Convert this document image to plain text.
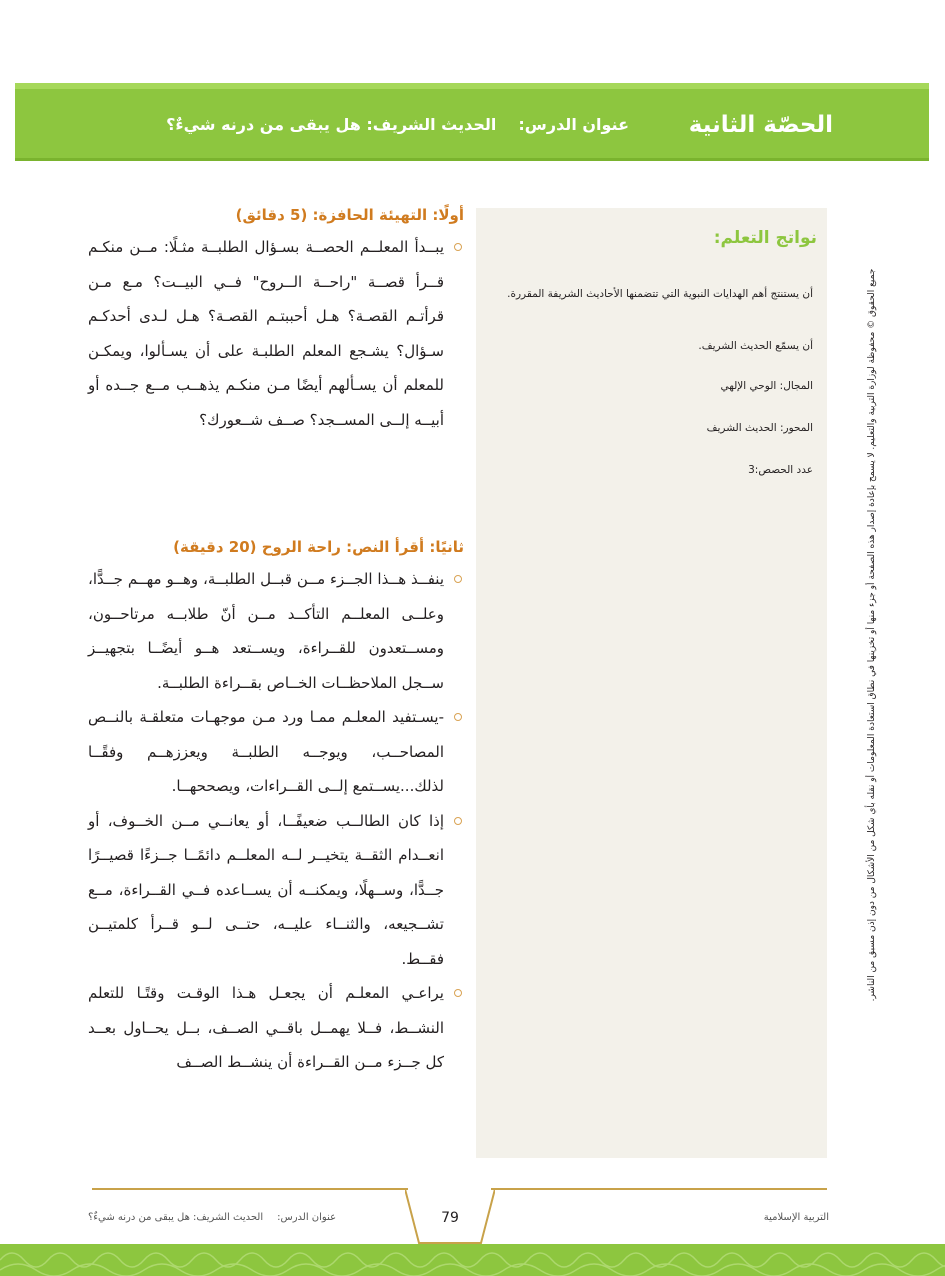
الحصّة الثانية
عنوان الدرس:الحديث الشريف: هل يبقى من درنه شيءٌ؟
نواتج التعلم:

أن يستنتج أهم الهدايات النبوية التي تتضمنها الأحاديث الشريفة المقررة.

أن يسمّع الحديث الشريف.

المجال: الوحي الإلهي

المحور: الحديث الشريف

عدد الحصص:3	جميع الحقوق © محفوظة لوزارة التربية والتعليم. لا يسمح بإعادة إصدار هذه الصفحة أو جزء منها أو تخزينها في نطاق استعادة المعلومات أو نقله بأي شكل من الأشكال من دون إذن مسبق من الناشر.
أولًا: التهيئة الحافزة: (5 دقائق)

يبــدأ المعلــم الحصــة بسـؤال الطلبــة مثـلًا: مــن منكـم قــرأ قصــة "راحــة الــروح" فــي البيــت؟ مـع مـن قرأتـم القصـة؟ هـل أحببتـم القصـة؟ هـل لـدى أحدكـم سـؤال؟ يشـجع المعلم الطلبـة على أن يسـألوا، ويمكـن للمعلم أن يسـألهم أيضًا مـن منكـم يذهــب مــع جــده أو أبيــه إلــى المســجد؟ صــف شــعورك؟

ثانيًا: أقرأ النص: راحة الروح (20 دقيقة)

ينفــذ هــذا الجــزء مــن قبــل الطلبــة، وهــو مهــم جــدًّا، وعلــى المعلــم التأكــد مــن أنّ طلابــه مرتاحــون، ومســتعدون للقــراءة، ويســتعد هــو أيضًــا بتجهيــز ســجل الملاحظــات الخــاص بقــراءة الطلبــة.

-يسـتفيد المعلـم ممـا ورد مـن موجهـات متعلقـة بالنــص المصاحــب، ويوجــه الطلبــة ويعززهــم وفقًــا لذلك...يســتمع إلــى القــراءات، ويصححهــا.

إذا كان الطالــب ضعيفًــا، أو يعانــي مــن الخــوف، أو انعــدام الثقــة يتخيــر لــه المعلــم دائمًــا جــزءًا قصيــرًا جــدًّا، وســهلًا، ويمكنــه أن يســاعده فــي القــراءة، مــع تشــجيعه، والثنــاء عليــه، حتــى لــو قــرأ كلمتيــن فقــط.

يراعـي المعلـم أن يجعـل هـذا الوقـت وقتًـا للتعلم النشــط، فــلا يهمــل باقــي الصــف، بــل يحــاول بعــد كل جــزء مــن القــراءة أن ينشــط الصــف

79	التربية الإسلامية

عنوان الدرس:الحديث الشريف: هل يبقى من درنه شيءٌ؟
